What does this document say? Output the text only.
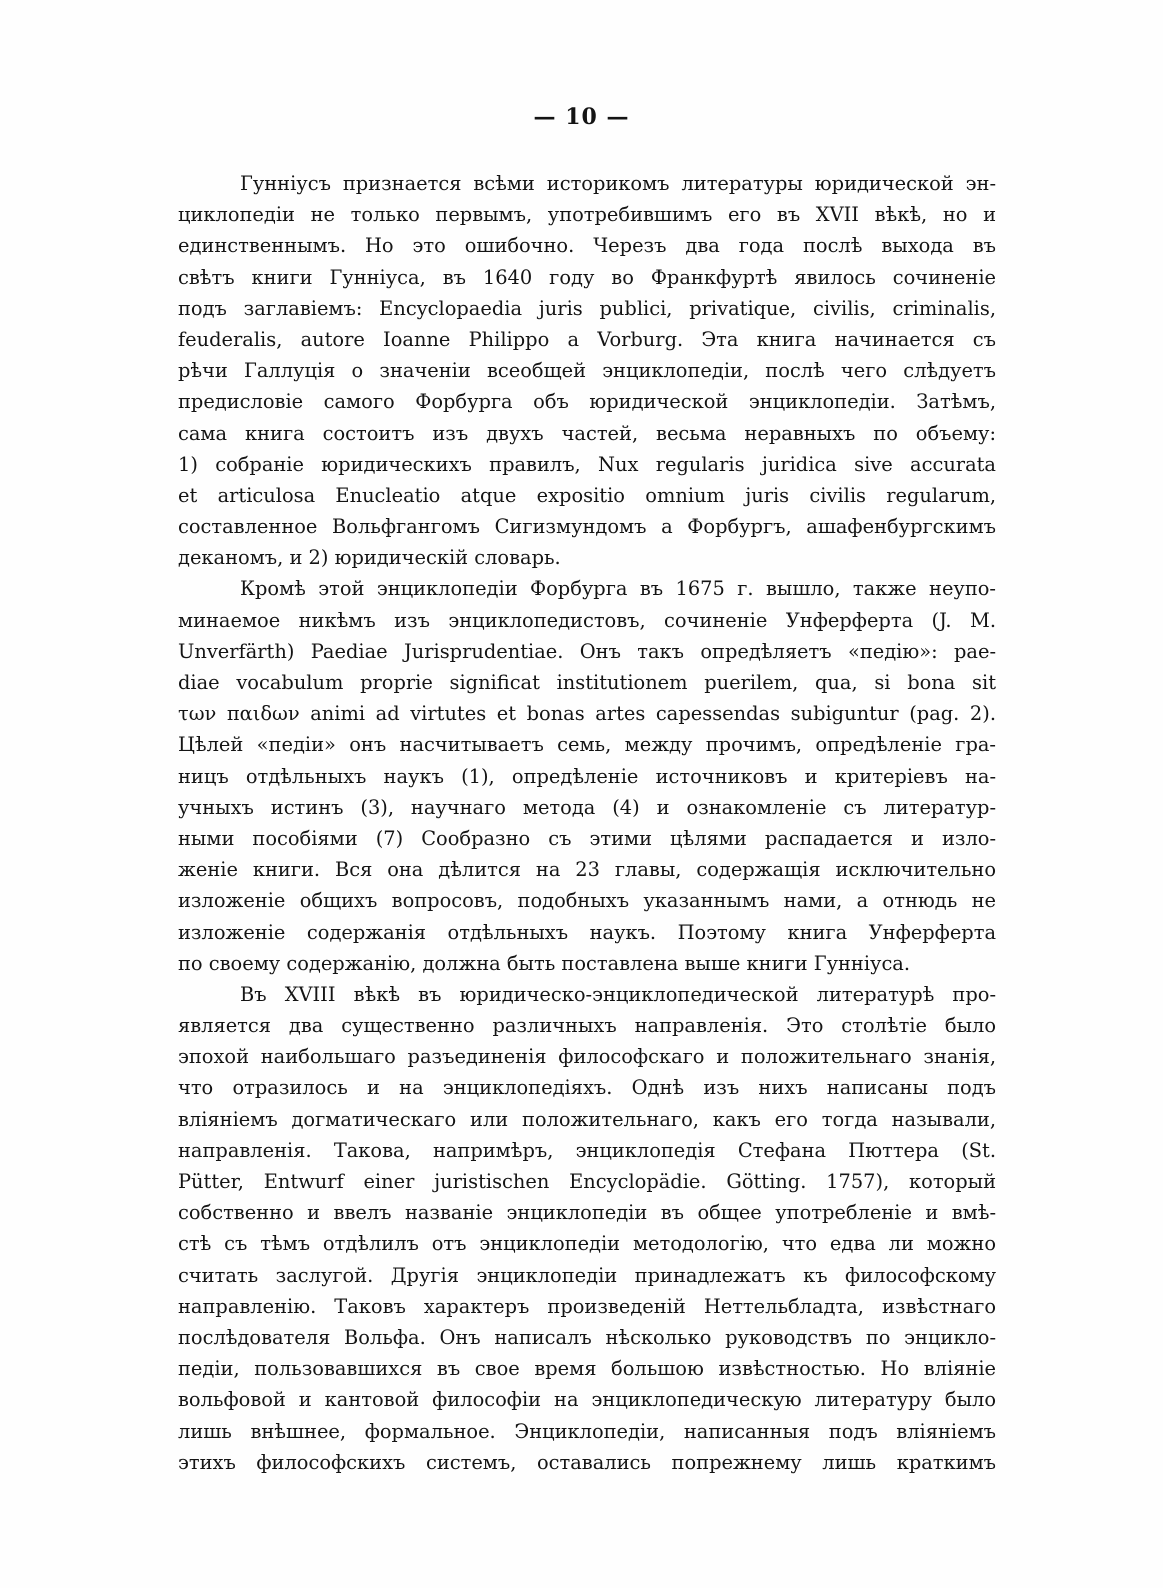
— 10 —
Гунніусъ признается всѣми историкомъ литературы юридической эн-
циклопедіи не только первымъ, употребившимъ его въ XVII вѣкѣ, но и
единственнымъ. Но это ошибочно. Черезъ два года послѣ выхода въ
свѣтъ книги Гунніуса, въ 1640 году во Франкфуртѣ явилось сочиненіе
подъ заглавіемъ: Encyclopaedia juris publici, privatique, civilis, criminalis,
feuderalis, autore Ioanne Philippo a Vorburg. Эта книга начинается съ
рѣчи Галлуція о значеніи всеобщей энциклопедіи, послѣ чего слѣдуетъ
предисловіе самого Форбурга объ юридической энциклопедіи. Затѣмъ,
сама книга состоитъ изъ двухъ частей, весьма неравныхъ по объему:
1) собраніе юридическихъ правилъ, Nux regularis juridica sive accurata
et articulosa Enucleatio atque expositio omnium juris civilis regularum,
составленное Вольфгангомъ Сигизмундомъ а Форбургъ, ашафенбургскимъ
деканомъ, и 2) юридическій словарь.
Кромѣ этой энциклопедіи Форбурга въ 1675 г. вышло, также неупо-
минаемое никѣмъ изъ энциклопедистовъ, сочиненіе Унферферта (J. M.
Unverfärth) Paediae Jurisprudentiae. Онъ такъ опредѣляетъ «педію»: pae-
diae vocabulum proprie significat institutionem puerilem, qua, si bona sit
των παιδων animi ad virtutes et bonas artes capessendas subiguntur (pag. 2).
Цѣлей «педіи» онъ насчитываетъ семь, между прочимъ, опредѣленіе гра-
ницъ отдѣльныхъ наукъ (1), опредѣленіе источниковъ и критеріевъ на-
учныхъ истинъ (3), научнаго метода (4) и ознакомленіе съ литератур-
ными пособіями (7) Сообразно съ этими цѣлями распадается и изло-
женіе книги. Вся она дѣлится на 23 главы, содержащія исключительно
изложеніе общихъ вопросовъ, подобныхъ указаннымъ нами, а отнюдь не
изложеніе содержанія отдѣльныхъ наукъ. Поэтому книга Унферферта
по своему содержанію, должна быть поставлена выше книги Гунніуса.
Въ XVIII вѣкѣ въ юридическо-энциклопедической литературѣ про-
является два существенно различныхъ направленія. Это столѣтіе было
эпохой наибольшаго разъединенія философскаго и положительнаго знанія,
что отразилось и на энциклопедіяхъ. Однѣ изъ нихъ написаны подъ
вліяніемъ догматическаго или положительнаго, какъ его тогда называли,
направленія. Такова, напримѣръ, энциклопедія Стефана Пюттера (St.
Pütter, Entwurf einer juristischen Encyclopädie. Götting. 1757), который
собственно и ввелъ названіе энциклопедіи въ общее употребленіе и вмѣ-
стѣ съ тѣмъ отдѣлилъ отъ энциклопедіи методологію, что едва ли можно
считать заслугой. Другія энциклопедіи принадлежатъ къ философскому
направленію. Таковъ характеръ произведеній Неттельбладта, извѣстнаго
послѣдователя Вольфа. Онъ написалъ нѣсколько руководствъ по энцикло-
педіи, пользовавшихся въ свое время большою извѣстностью. Но вліяніе
вольфовой и кантовой философіи на энциклопедическую литературу было
лишь внѣшнее, формальное. Энциклопедіи, написанныя подъ вліяніемъ
этихъ философскихъ системъ, оставались попрежнему лишь краткимъ
